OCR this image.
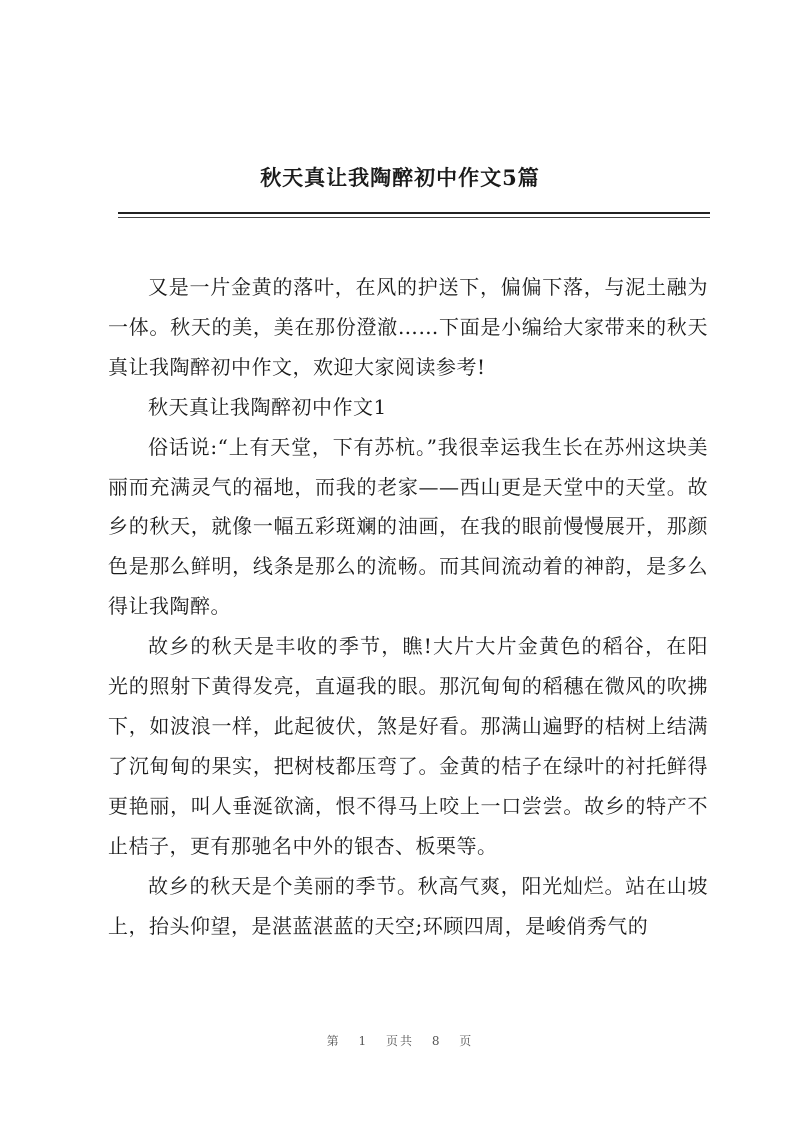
秋天真让我陶醉初中作文5篇

又是一片金黄的落叶，在风的护送下，偏偏下落，与泥土融为一体。秋天的美，美在那份澄澈……下面是小编给大家带来的秋天真让我陶醉初中作文，欢迎大家阅读参考!

秋天真让我陶醉初中作文1

俗话说:“上有天堂，下有苏杭。”我很幸运我生长在苏州这块美丽而充满灵气的福地，而我的老家——西山更是天堂中的天堂。故乡的秋天，就像一幅五彩斑斓的油画，在我的眼前慢慢展开，那颜色是那么鲜明，线条是那么的流畅。而其间流动着的神韵，是多么得让我陶醉。

故乡的秋天是丰收的季节，瞧!大片大片金黄色的稻谷，在阳光的照射下黄得发亮，直逼我的眼。那沉甸甸的稻穗在微风的吹拂下，如波浪一样，此起彼伏，煞是好看。那满山遍野的桔树上结满了沉甸甸的果实，把树枝都压弯了。金黄的桔子在绿叶的衬托鲜得更艳丽，叫人垂涎欲滴，恨不得马上咬上一口尝尝。故乡的特产不止桔子，更有那驰名中外的银杏、板栗等。

故乡的秋天是个美丽的季节。秋高气爽，阳光灿烂。站在山坡上，抬头仰望，是湛蓝湛蓝的天空;环顾四周，是峻俏秀气的

第 1 页共 8 页
